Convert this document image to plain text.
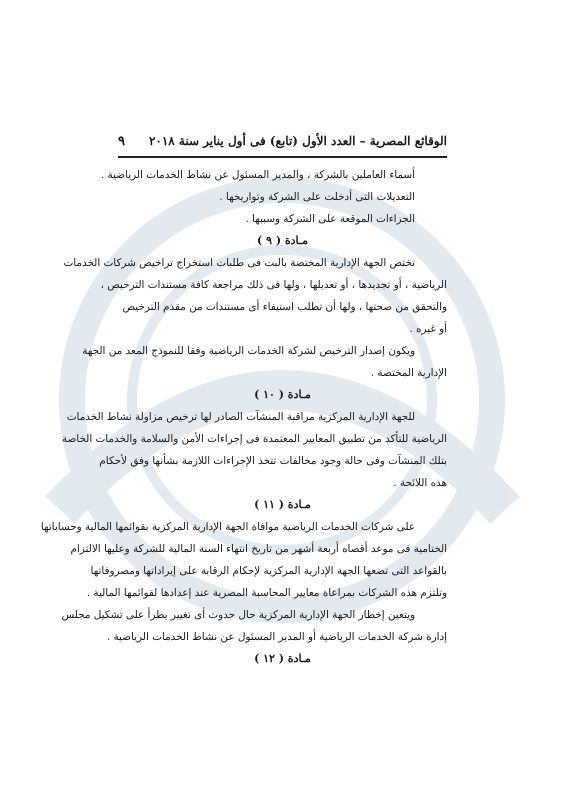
الوقائع المصرية – العدد الأول (تابع) فى أول يناير سنة ٢٠١٨
٩
أسماء العاملين بالشركة ، والمدير المسئول عن نشاط الخدمات الرياضية .
التعديلات التى أدخلت على الشركة وتواريخها .
الجزاءات الموقعة على الشركة وسببها .
مـادة ( ٩ )
تختص الجهة الإدارية المختصة بالبت فى طلبات استخراج تراخيص شركات الخدمات
الرياضية ، أو تجديدها ، أو تعديلها ، ولها فى ذلك مراجعة كافة مستندات الترخيص ،
والتحقق من صحتها ، ولها أن تطلب استيفاء أى مستندات من مقدم الترخيص
أو غيره .
ويكون إصدار الترخيص لشركة الخدمات الرياضية وفقا للنموذج المعد من الجهة
الإدارية المختصة .
مـادة ( ١٠ )
للجهة الإدارية المركزية مراقبة المنشآت الصادر لها ترخيص مزاولة نشاط الخدمات
الرياضية للتأكد من تطبيق المعايير المعتمدة فى إجراءات الأمن والسلامة والخدمات الخاصة
بتلك المنشآت وفى حالة وجود مخالفات تتخذ الإجراءات اللازمة بشأنها وفق لأحكام
هذه اللائحة .
مـادة ( ١١ )
على شركات الخدمات الرياضية موافاة الجهة الإدارية المركزية بقوائمها المالية وحساباتها
الختامية فى موعد أقصاه أربعة أشهر من تاريخ انتهاء السنة المالية للشركة وعليها الالتزام
بالقواعد التى تضعها الجهة الإدارية المركزية لإحكام الرقابة على إيراداتها ومصروفاتها
وتلتزم هذه الشركات بمراعاة معايير المحاسبة المصرية عند إعدادها لقوائمها المالية .
ويتعين إخطار الجهة الإدارية المركزية حال حدوث أى تغيير يطرأ على تشكيل مجلس
إدارة شركة الخدمات الرياضية أو المدير المسئول عن نشاط الخدمات الرياضية .
مـادة ( ١٢ )
